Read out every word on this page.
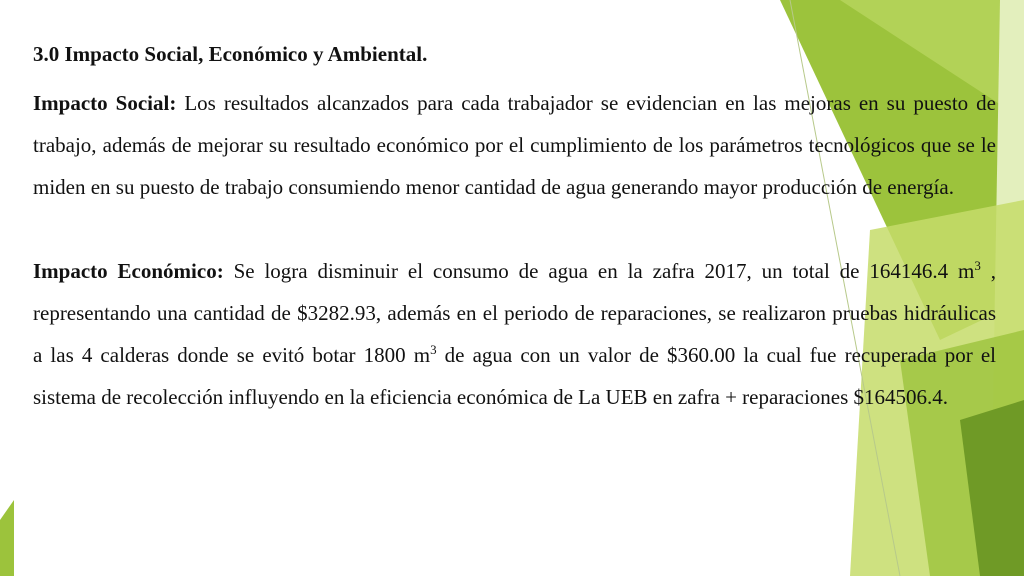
3.0 Impacto Social, Económico y Ambiental.

Impacto Social: Los resultados alcanzados para cada trabajador se evidencian en las mejoras en su puesto de trabajo, además de mejorar su resultado económico por el cumplimiento de los parámetros tecnológicos que se le miden en su puesto de trabajo consumiendo menor cantidad de agua generando mayor producción de energía.

Impacto Económico: Se logra disminuir el consumo de agua en la zafra 2017, un total de 164146.4 $m^3$ , representando una cantidad de $3282.93, además en el periodo de reparaciones, se realizaron pruebas hidráulicas a las 4 calderas donde se evitó botar 1800 $m^3$ de agua con un valor de $360.00 la cual fue recuperada por el sistema de recolección influyendo en la eficiencia económica de La UEB en zafra + reparaciones $164506.4.
